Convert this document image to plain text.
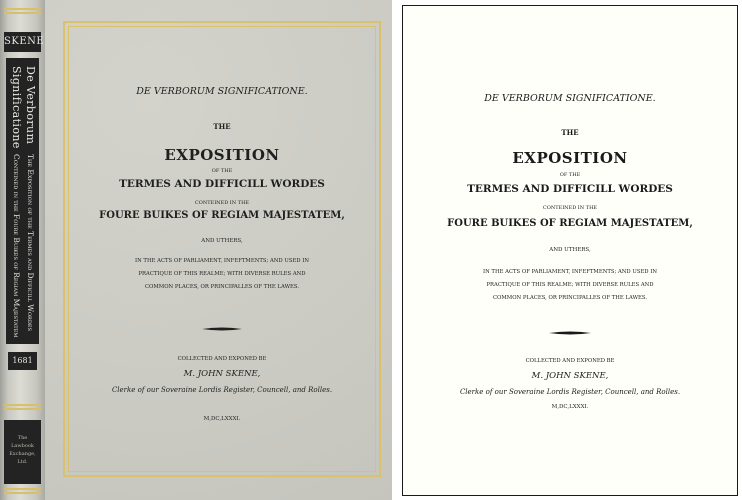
SKENE
De Verborum
Significatione
The Exposition of the Termes and Difficill Wordes
Conteined in the Foure Buikes of Regiam Majestatem
1681
The
Lawbook
Exchange,
Ltd.
DE VERBORUM SIGNIFICATIONE.
THE
EXPOSITION
OF THE
TERMES AND DIFFICILL WORDES
CONTEINED IN THE
FOURE BUIKES OF REGIAM MAJESTATEM,
AND UTHERS,
IN THE ACTS OF PARLIAMENT, INFEFTMENTS; AND USED IN
PRACTIQUE OF THIS REALME; WITH DIVERSE RULES AND
COMMON PLACES, OR PRINCIPALLES OF THE LAWES.
COLLECTED AND EXPONED BE
M. JOHN SKENE,
Clerke of our Soveraine Lordis Register, Councell, and Rolles.
M,DC,LXXXI.
DE VERBORUM SIGNIFICATIONE.
THE
EXPOSITION
OF THE
TERMES AND DIFFICILL WORDES
CONTEINED IN THE
FOURE BUIKES OF REGIAM MAJESTATEM,
AND UTHERS,
IN THE ACTS OF PARLIAMENT, INFEFTMENTS; AND USED IN
PRACTIQUE OF THIS REALME; WITH DIVERSE RULES AND
COMMON PLACES, OR PRINCIPALLES OF THE LAWES.
COLLECTED AND EXPONED BE
M. JOHN SKENE,
Clerke of our Soveraine Lordis Register, Councell, and Rolles.
M,DC,LXXXI.
